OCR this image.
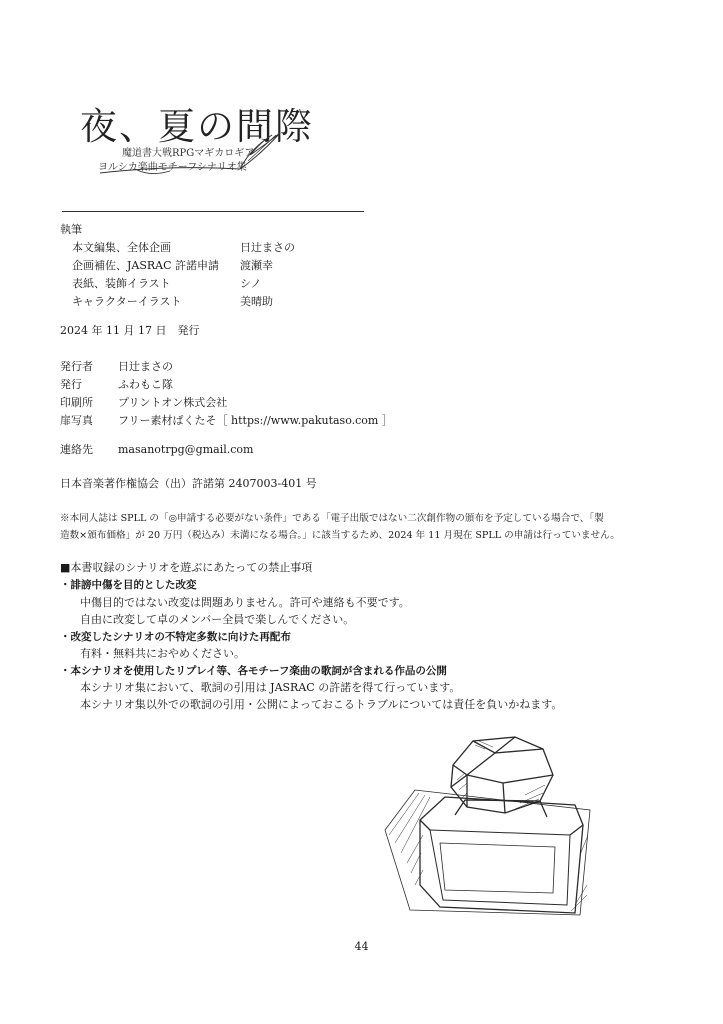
夜、夏の間際
魔道書大戦RPGマギカロギア
ヨルシカ楽曲モチーフシナリオ集
執筆
本文編集、全体企画	日辻まさの
企画補佐、JASRAC 許諾申請 渡瀬幸
表紙、装飾イラスト	シノ
キャラクターイラスト	美晴助
2024 年 11 月 17 日　発行
発行者 日辻まさの
発行	ふわもこ隊
印刷所 プリントオン株式会社
扉写真 フリー素材ぱくたそ［ https://www.pakutaso.com ］
連絡先 masanotrpg@gmail.com
日本音楽著作権協会（出）許諾第 2407003-401 号
※本同人誌は SPLL の「◎申請する必要がない条件」である「電子出版ではない二次創作物の頒布を予定している場合で、「製
造数×頒布価格」が 20 万円（税込み）未満になる場合。」に該当するため、2024 年 11 月現在 SPLL の申請は行っていません。
■本書収録のシナリオを遊ぶにあたっての禁止事項
・誹謗中傷を目的とした改変
中傷目的ではない改変は問題ありません。許可や連絡も不要です。
自由に改変して卓のメンバー全員で楽しんでください。
・改変したシナリオの不特定多数に向けた再配布
有料・無料共におやめください。
・本シナリオを使用したリプレイ等、各モチーフ楽曲の歌詞が含まれる作品の公開
本シナリオ集において、歌詞の引用は JASRAC の許諾を得て行っています。
本シナリオ集以外での歌詞の引用・公開によっておこるトラブルについては責任を負いかねます。
44
